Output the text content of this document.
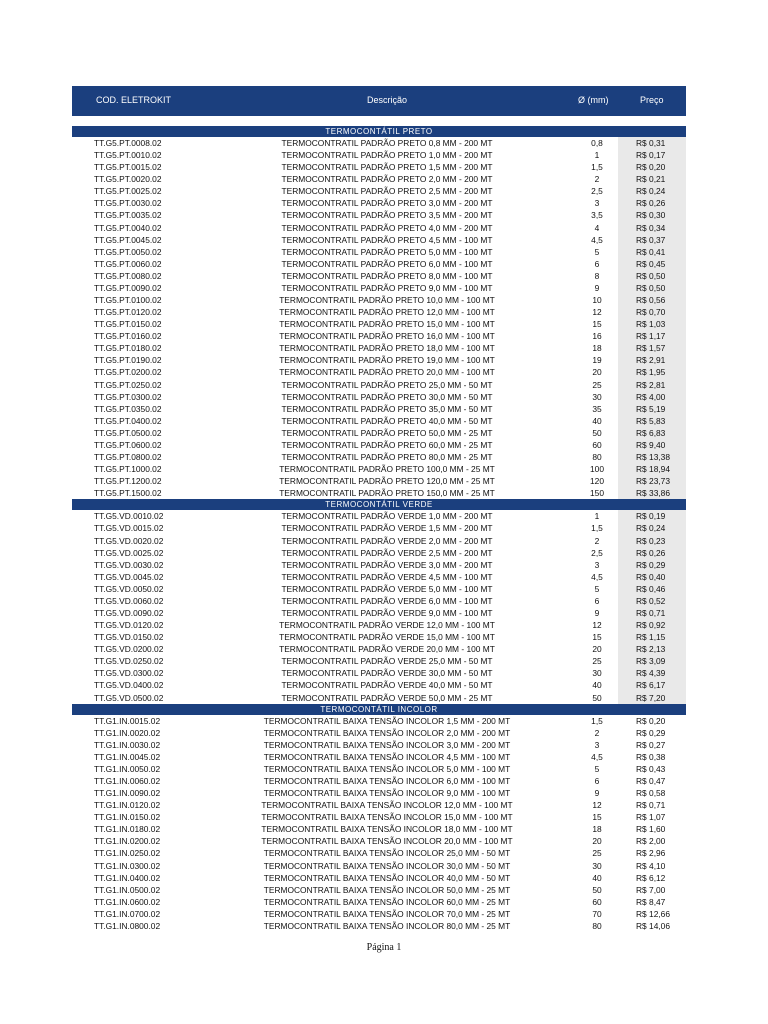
COD. ELETROKIT	Descrição	Ø (mm)	Preço
TERMOCONTÁTIL PRETO
TT.G5.PT.0008.02	TERMOCONTRATIL PADRÃO PRETO 0,8 MM - 200 MT	0,8	R$ 0,31
TT.G5.PT.0010.02	TERMOCONTRATIL PADRÃO PRETO 1,0 MM - 200 MT	1	R$ 0,17
TT.G5.PT.0015.02	TERMOCONTRATIL PADRÃO PRETO 1,5 MM - 200 MT	1,5	R$ 0,20
TT.G5.PT.0020.02	TERMOCONTRATIL PADRÃO PRETO 2,0 MM - 200 MT	2	R$ 0,21
TT.G5.PT.0025.02	TERMOCONTRATIL PADRÃO PRETO 2,5 MM - 200 MT	2,5	R$ 0,24
TT.G5.PT.0030.02	TERMOCONTRATIL PADRÃO PRETO 3,0 MM - 200 MT	3	R$ 0,26
TT.G5.PT.0035.02	TERMOCONTRATIL PADRÃO PRETO 3,5 MM - 200 MT	3,5	R$ 0,30
TT.G5.PT.0040.02	TERMOCONTRATIL PADRÃO PRETO 4,0 MM - 200 MT	4	R$ 0,34
TT.G5.PT.0045.02	TERMOCONTRATIL PADRÃO PRETO 4,5 MM - 100 MT	4,5	R$ 0,37
TT.G5.PT.0050.02	TERMOCONTRATIL PADRÃO PRETO 5,0 MM - 100 MT	5	R$ 0,41
TT.G5.PT.0060.02	TERMOCONTRATIL PADRÃO PRETO 6,0 MM - 100 MT	6	R$ 0,45
TT.G5.PT.0080.02	TERMOCONTRATIL PADRÃO PRETO 8,0 MM - 100 MT	8	R$ 0,50
TT.G5.PT.0090.02	TERMOCONTRATIL PADRÃO PRETO 9,0 MM - 100 MT	9	R$ 0,50
TT.G5.PT.0100.02	TERMOCONTRATIL PADRÃO PRETO 10,0 MM - 100 MT	10	R$ 0,56
TT.G5.PT.0120.02	TERMOCONTRATIL PADRÃO PRETO 12,0 MM - 100 MT	12	R$ 0,70
TT.G5.PT.0150.02	TERMOCONTRATIL PADRÃO PRETO 15,0 MM - 100 MT	15	R$ 1,03
TT.G5.PT.0160.02	TERMOCONTRATIL PADRÃO PRETO 16,0 MM - 100 MT	16	R$ 1,17
TT.G5.PT.0180.02	TERMOCONTRATIL PADRÃO PRETO 18,0 MM - 100 MT	18	R$ 1,57
TT.G5.PT.0190.02	TERMOCONTRATIL PADRÃO PRETO 19,0 MM - 100 MT	19	R$ 2,91
TT.G5.PT.0200.02	TERMOCONTRATIL PADRÃO PRETO 20,0 MM - 100 MT	20	R$ 1,95
TT.G5.PT.0250.02	TERMOCONTRATIL PADRÃO PRETO 25,0 MM - 50 MT	25	R$ 2,81
TT.G5.PT.0300.02	TERMOCONTRATIL PADRÃO PRETO 30,0 MM - 50 MT	30	R$ 4,00
TT.G5.PT.0350.02	TERMOCONTRATIL PADRÃO PRETO 35,0 MM - 50 MT	35	R$ 5,19
TT.G5.PT.0400.02	TERMOCONTRATIL PADRÃO PRETO 40,0 MM - 50 MT	40	R$ 5,83
TT.G5.PT.0500.02	TERMOCONTRATIL PADRÃO PRETO 50,0 MM - 25 MT	50	R$ 6,83
TT.G5.PT.0600.02	TERMOCONTRATIL PADRÃO PRETO 60,0 MM - 25 MT	60	R$ 9,40
TT.G5.PT.0800.02	TERMOCONTRATIL PADRÃO PRETO 80,0 MM - 25 MT	80	R$ 13,38
TT.G5.PT.1000.02	TERMOCONTRATIL PADRÃO PRETO 100,0 MM - 25 MT	100	R$ 18,94
TT.G5.PT.1200.02	TERMOCONTRATIL PADRÃO PRETO 120,0 MM - 25 MT	120	R$ 23,73
TT.G5.PT.1500.02	TERMOCONTRATIL PADRÃO PRETO 150,0 MM - 25 MT	150	R$ 33,86
TERMOCONTÁTIL VERDE
TT.G5.VD.0010.02	TERMOCONTRATIL PADRÃO VERDE 1,0 MM - 200 MT	1	R$ 0,19
TT.G5.VD.0015.02	TERMOCONTRATIL PADRÃO VERDE 1,5 MM - 200 MT	1,5	R$ 0,24
TT.G5.VD.0020.02	TERMOCONTRATIL PADRÃO VERDE 2,0 MM - 200 MT	2	R$ 0,23
TT.G5.VD.0025.02	TERMOCONTRATIL PADRÃO VERDE 2,5 MM - 200 MT	2,5	R$ 0,26
TT.G5.VD.0030.02	TERMOCONTRATIL PADRÃO VERDE 3,0 MM - 200 MT	3	R$ 0,29
TT.G5.VD.0045.02	TERMOCONTRATIL PADRÃO VERDE 4,5 MM - 100 MT	4,5	R$ 0,40
TT.G5.VD.0050.02	TERMOCONTRATIL PADRÃO VERDE 5,0 MM - 100 MT	5	R$ 0,46
TT.G5.VD.0060.02	TERMOCONTRATIL PADRÃO VERDE 6,0 MM - 100 MT	6	R$ 0,52
TT.G5.VD.0090.02	TERMOCONTRATIL PADRÃO VERDE 9,0 MM - 100 MT	9	R$ 0,71
TT.G5.VD.0120.02	TERMOCONTRATIL PADRÃO VERDE 12,0 MM - 100 MT	12	R$ 0,92
TT.G5.VD.0150.02	TERMOCONTRATIL PADRÃO VERDE 15,0 MM - 100 MT	15	R$ 1,15
TT.G5.VD.0200.02	TERMOCONTRATIL PADRÃO VERDE 20,0 MM - 100 MT	20	R$ 2,13
TT.G5.VD.0250.02	TERMOCONTRATIL PADRÃO VERDE 25,0 MM - 50 MT	25	R$ 3,09
TT.G5.VD.0300.02	TERMOCONTRATIL PADRÃO VERDE 30,0 MM - 50 MT	30	R$ 4,39
TT.G5.VD.0400.02	TERMOCONTRATIL PADRÃO VERDE 40,0 MM - 50 MT	40	R$ 6,17
TT.G5.VD.0500.02	TERMOCONTRATIL PADRÃO VERDE 50,0 MM - 25 MT	50	R$ 7,20
TERMOCONTÁTIL INCOLOR
TT.G1.IN.0015.02	TERMOCONTRATIL BAIXA TENSÃO INCOLOR 1,5 MM - 200 MT	1,5	R$ 0,20
TT.G1.IN.0020.02	TERMOCONTRATIL BAIXA TENSÃO INCOLOR 2,0 MM - 200 MT	2	R$ 0,29
TT.G1.IN.0030.02	TERMOCONTRATIL BAIXA TENSÃO INCOLOR 3,0 MM - 200 MT	3	R$ 0,27
TT.G1.IN.0045.02	TERMOCONTRATIL BAIXA TENSÃO INCOLOR 4,5 MM - 100 MT	4,5	R$ 0,38
TT.G1.IN.0050.02	TERMOCONTRATIL BAIXA TENSÃO INCOLOR 5,0 MM - 100 MT	5	R$ 0,43
TT.G1.IN.0060.02	TERMOCONTRATIL BAIXA TENSÃO INCOLOR 6,0 MM - 100 MT	6	R$ 0,47
TT.G1.IN.0090.02	TERMOCONTRATIL BAIXA TENSÃO INCOLOR 9,0 MM - 100 MT	9	R$ 0,58
TT.G1.IN.0120.02	TERMOCONTRATIL BAIXA TENSÃO INCOLOR 12,0 MM - 100 MT	12	R$ 0,71
TT.G1.IN.0150.02	TERMOCONTRATIL BAIXA TENSÃO INCOLOR 15,0 MM - 100 MT	15	R$ 1,07
TT.G1.IN.0180.02	TERMOCONTRATIL BAIXA TENSÃO INCOLOR 18,0 MM - 100 MT	18	R$ 1,60
TT.G1.IN.0200.02	TERMOCONTRATIL BAIXA TENSÃO INCOLOR 20,0 MM - 100 MT	20	R$ 2,00
TT.G1.IN.0250.02	TERMOCONTRATIL BAIXA TENSÃO INCOLOR 25,0 MM - 50 MT	25	R$ 2,96
TT.G1.IN.0300.02	TERMOCONTRATIL BAIXA TENSÃO INCOLOR 30,0 MM - 50 MT	30	R$ 4,10
TT.G1.IN.0400.02	TERMOCONTRATIL BAIXA TENSÃO INCOLOR 40,0 MM - 50 MT	40	R$ 6,12
TT.G1.IN.0500.02	TERMOCONTRATIL BAIXA TENSÃO INCOLOR 50,0 MM - 25 MT	50	R$ 7,00
TT.G1.IN.0600.02	TERMOCONTRATIL BAIXA TENSÃO INCOLOR 60,0 MM - 25 MT	60	R$ 8,47
TT.G1.IN.0700.02	TERMOCONTRATIL BAIXA TENSÃO INCOLOR 70,0 MM - 25 MT	70	R$ 12,66
TT.G1.IN.0800.02	TERMOCONTRATIL BAIXA TENSÃO INCOLOR 80,0 MM - 25 MT	80	R$ 14,06
Página 1
